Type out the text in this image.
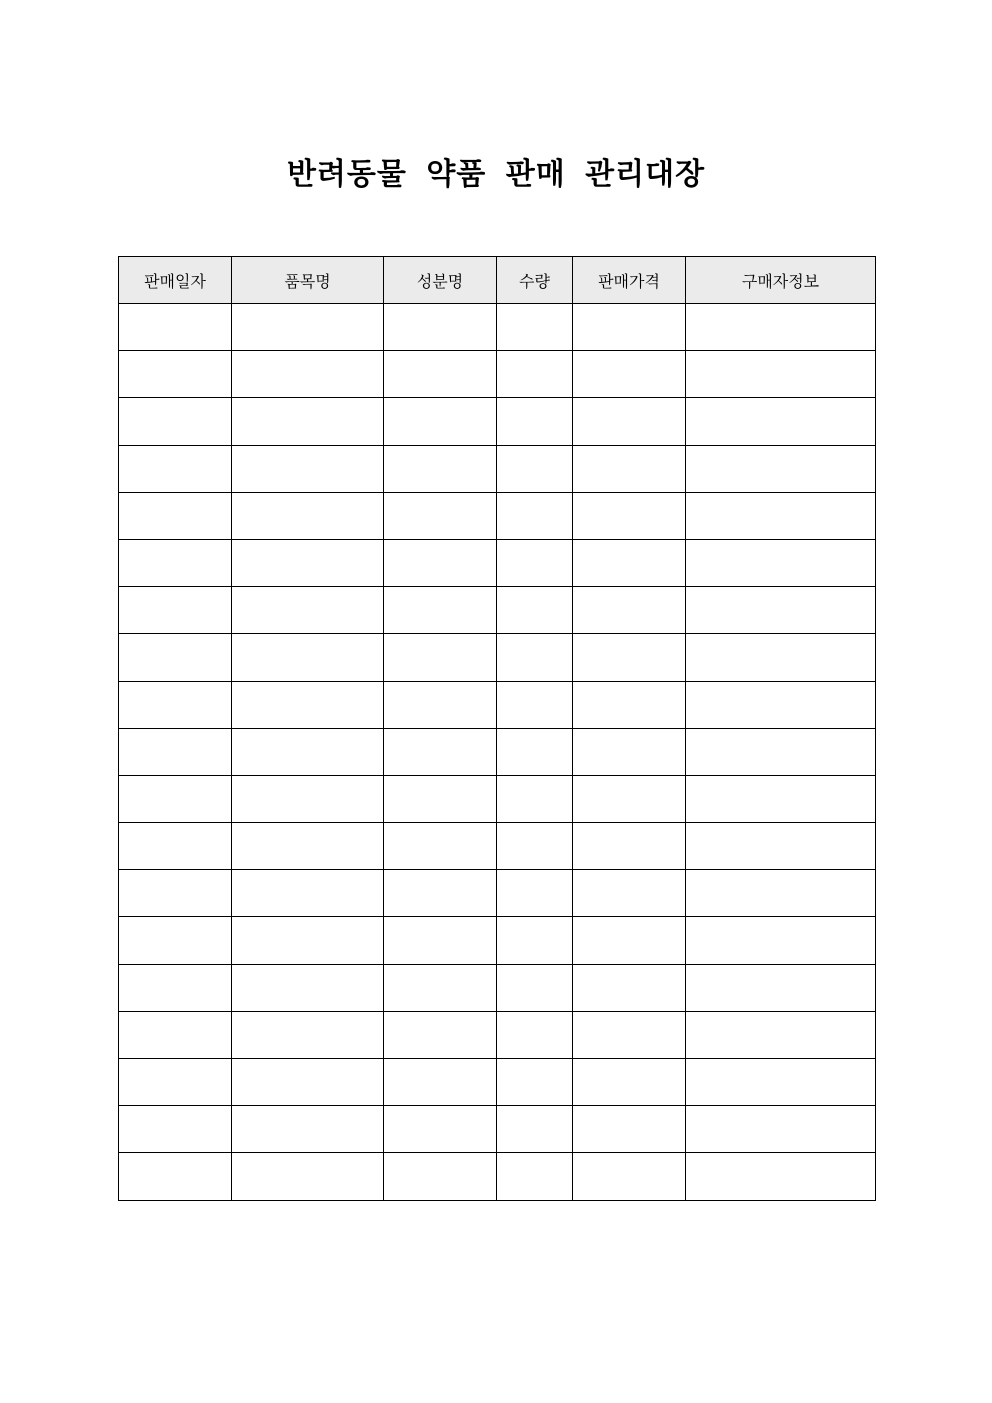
반려동물 약품 판매 관리대장
판매일자	품목명	성분명	수량	판매가격	구매자정보
